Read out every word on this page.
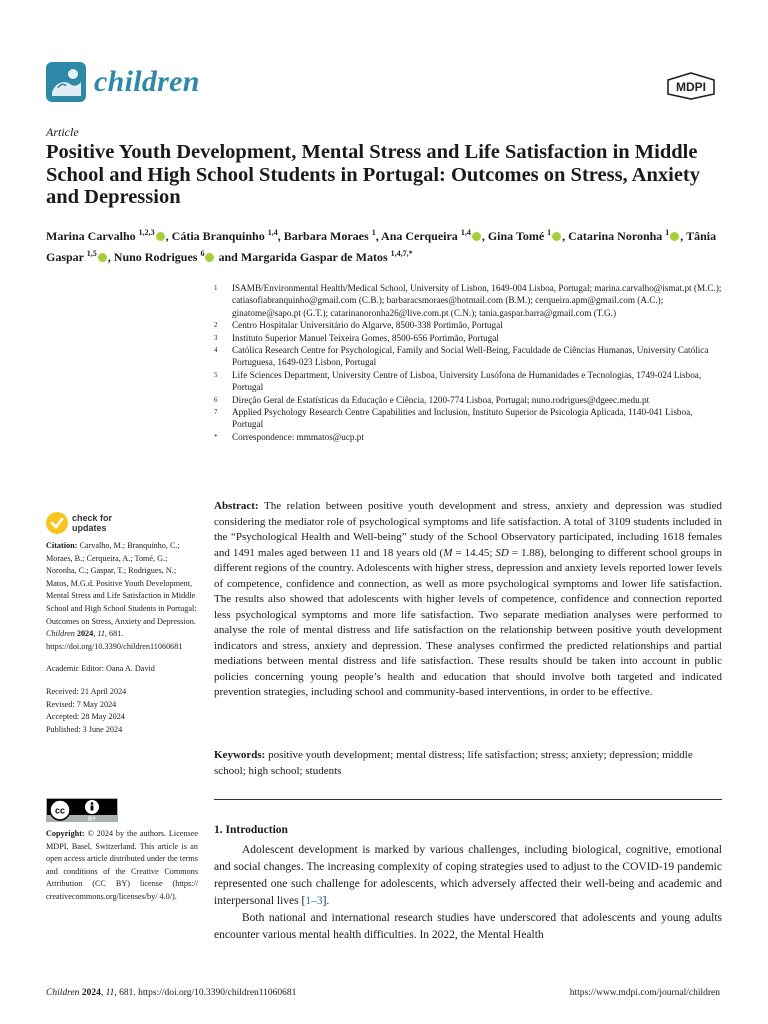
children	MDPI
Article
Positive Youth Development, Mental Stress and Life Satisfaction in Middle School and High School Students in Portugal: Outcomes on Stress, Anxiety and Depression
Marina Carvalho $^{1,2,3}$ , Cátia Branquinho $^{1,4}$, Barbara Moraes $^1$, Ana Cerqueira $^{1,4}$ , Gina Tomé $^1$ , Catarina Noronha $^1$ , Tânia Gaspar $^{1,5}$ , Nuno Rodrigues $^6$ and Margarida Gaspar de Matos $^{1,4,7,*}$
1	ISAMB/Environmental Health/Medical School, University of Lisbon, 1649-004 Lisboa, Portugal; marina.carvalho@ismat.pt (M.C.); catiasofiabranquinho@gmail.com (C.B.); barbaracsmoraes@hotmail.com (B.M.); cerqueira.apm@gmail.com (A.C.); ginatome@sapo.pt (G.T.); catarinanoronha26@live.com.pt (C.N.); tania.gaspar.barra@gmail.com (T.G.)
2	Centro Hospitalar Universitário do Algarve, 8500-338 Portimão, Portugal
3	Instituto Superior Manuel Teixeira Gomes, 8500-656 Portimão, Portugal
4	Católica Research Centre for Psychological, Family and Social Well-Being, Faculdade de Ciências Humanas, University Católica Portuguesa, 1649-023 Lisbon, Portugal
5	Life Sciences Department, University Centre of Lisboa, University Lusófona de Humanidades e Tecnologias, 1749-024 Lisboa, Portugal
6	Direção Geral de Estatísticas da Educação e Ciência, 1200-774 Lisboa, Portugal; nuno.rodrigues@dgeec.medu.pt
7	Applied Psychology Research Centre Capabilities and Inclusion, Instituto Superior de Psicologia Aplicada, 1140-041 Lisboa, Portugal
*	Correspondence: mmmatos@ucp.pt
check for
updates

Citation: Carvalho, M.; Branquinho, C.; Moraes, B.; Cerqueira, A.; Tomé, G.; Noronha, C.; Gaspar, T.; Rodrigues, N.; Matos, M.G.d. Positive Youth Development, Mental Stress and Life Satisfaction in Middle School and High School Students in Portugal: Outcomes on Stress, Anxiety and Depression. Children 2024, 11, 681. https://doi.org/10.3390/children11060681

Academic Editor: Oana A. David

Received: 21 April 2024
Revised: 7 May 2024
Accepted: 28 May 2024
Published: 3 June 2024
cc
BY
Copyright: © 2024 by the authors. Licensee MDPI, Basel, Switzerland. This article is an open access article distributed under the terms and conditions of the Creative Commons Attribution (CC BY) license (https:// creativecommons.org/licenses/by/ 4.0/).

Abstract: The relation between positive youth development and stress, anxiety and depression was studied considering the mediator role of psychological symptoms and life satisfaction. A total of 3109 students included in the “Psychological Health and Well-being” study of the School Observatory participated, including 1618 females and 1491 males aged between 11 and 18 years old (M = 14.45; SD = 1.88), belonging to different school groups in different regions of the country. Adolescents with higher stress, depression and anxiety levels reported lower levels of competence, confidence and connection, as well as more psychological symptoms and lower life satisfaction. The results also showed that adolescents with higher levels of competence, confidence and connection reported less psychological symptoms and more life satisfaction. Two separate mediation analyses were performed to analyse the role of mental distress and life satisfaction on the relationship between positive youth development indicators and stress, anxiety and depression. These analyses confirmed the predicted relationships and partial mediations between mental distress and life satisfaction. These results should be taken into account in public policies concerning young people’s health and education that should involve both targeted and indicated prevention strategies, including school and community-based interventions, in order to be effective.

Keywords: positive youth development; mental distress; life satisfaction; stress; anxiety; depression; middle school; high school; students

1. Introduction

Adolescent development is marked by various challenges, including biological, cognitive, emotional and social changes. The increasing complexity of coping strategies used to adjust to the COVID-19 pandemic represented one such challenge for adolescents, which adversely affected their well-being and academic and interpersonal lives [1–3].

Both national and international research studies have underscored that adolescents and young adults encounter various mental health difficulties. In 2022, the Mental Health

Children 2024, 11, 681. https://doi.org/10.3390/children11060681	https://www.mdpi.com/journal/children
